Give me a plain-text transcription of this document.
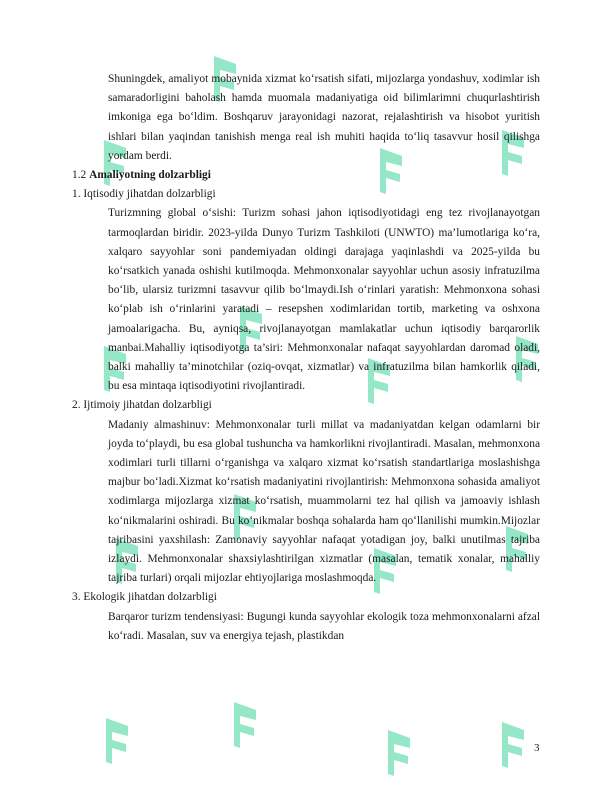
Shuningdek, amaliyot mobaynida xizmat ko‘rsatish sifati, mijozlarga yondashuv, xodimlar ish samaradorligini baholash hamda muomala madaniyatiga oid bilimlarimni chuqurlashtirish imkoniga ega bo‘ldim. Boshqaruv jarayonidagi nazorat, rejalashtirish va hisobot yuritish ishlari bilan yaqindan tanishish menga real ish muhiti haqida to‘liq tasavvur hosil qilishga yordam berdi.

1.2 Amaliyotning dolzarbligi

1. Iqtisodiy jihatdan dolzarbligi

Turizmning global o‘sishi: Turizm sohasi jahon iqtisodiyotidagi eng tez rivojlanayotgan tarmoqlardan biridir. 2023-yilda Dunyo Turizm Tashkiloti (UNWTO) ma’lumotlariga ko‘ra, xalqaro sayyohlar soni pandemiyadan oldingi darajaga yaqinlashdi va 2025-yilda bu ko‘rsatkich yanada oshishi kutilmoqda. Mehmonxonalar sayyohlar uchun asosiy infratuzilma bo‘lib, ularsiz turizmni tasavvur qilib bo‘lmaydi.Ish o‘rinlari yaratish: Mehmonxona sohasi ko‘plab ish o‘rinlarini yaratadi – resepshen xodimlaridan tortib, marketing va oshxona jamoalarigacha. Bu, ayniqsa, rivojlanayotgan mamlakatlar uchun iqtisodiy barqarorlik manbai.Mahalliy iqtisodiyotga ta’siri: Mehmonxonalar nafaqat sayyohlardan daromad oladi, balki mahalliy ta’minotchilar (oziq-ovqat, xizmatlar) va infratuzilma bilan hamkorlik qiladi, bu esa mintaqa iqtisodiyotini rivojlantiradi.

2. Ijtimoiy jihatdan dolzarbligi

Madaniy almashinuv: Mehmonxonalar turli millat va madaniyatdan kelgan odamlarni bir joyda to‘playdi, bu esa global tushuncha va hamkorlikni rivojlantiradi. Masalan, mehmonxona xodimlari turli tillarni o‘rganishga va xalqaro xizmat ko‘rsatish standartlariga moslashishga majbur bo‘ladi.Xizmat ko‘rsatish madaniyatini rivojlantirish: Mehmonxona sohasida amaliyot xodimlarga mijozlarga xizmat ko‘rsatish, muammolarni tez hal qilish va jamoaviy ishlash ko‘nikmalarini oshiradi. Bu ko‘nikmalar boshqa sohalarda ham qo‘llanilishi mumkin.Mijozlar tajribasini yaxshilash: Zamonaviy sayyohlar nafaqat yotadigan joy, balki unutilmas tajriba izlaydi. Mehmonxonalar shaxsiylashtirilgan xizmatlar (masalan, tematik xonalar, mahalliy tajriba turlari) orqali mijozlar ehtiyojlariga moslashmoqda.

3. Ekologik jihatdan dolzarbligi

Barqaror turizm tendensiyasi: Bugungi kunda sayyohlar ekologik toza mehmonxonalarni afzal ko‘radi. Masalan, suv va energiya tejash, plastikdan

3
